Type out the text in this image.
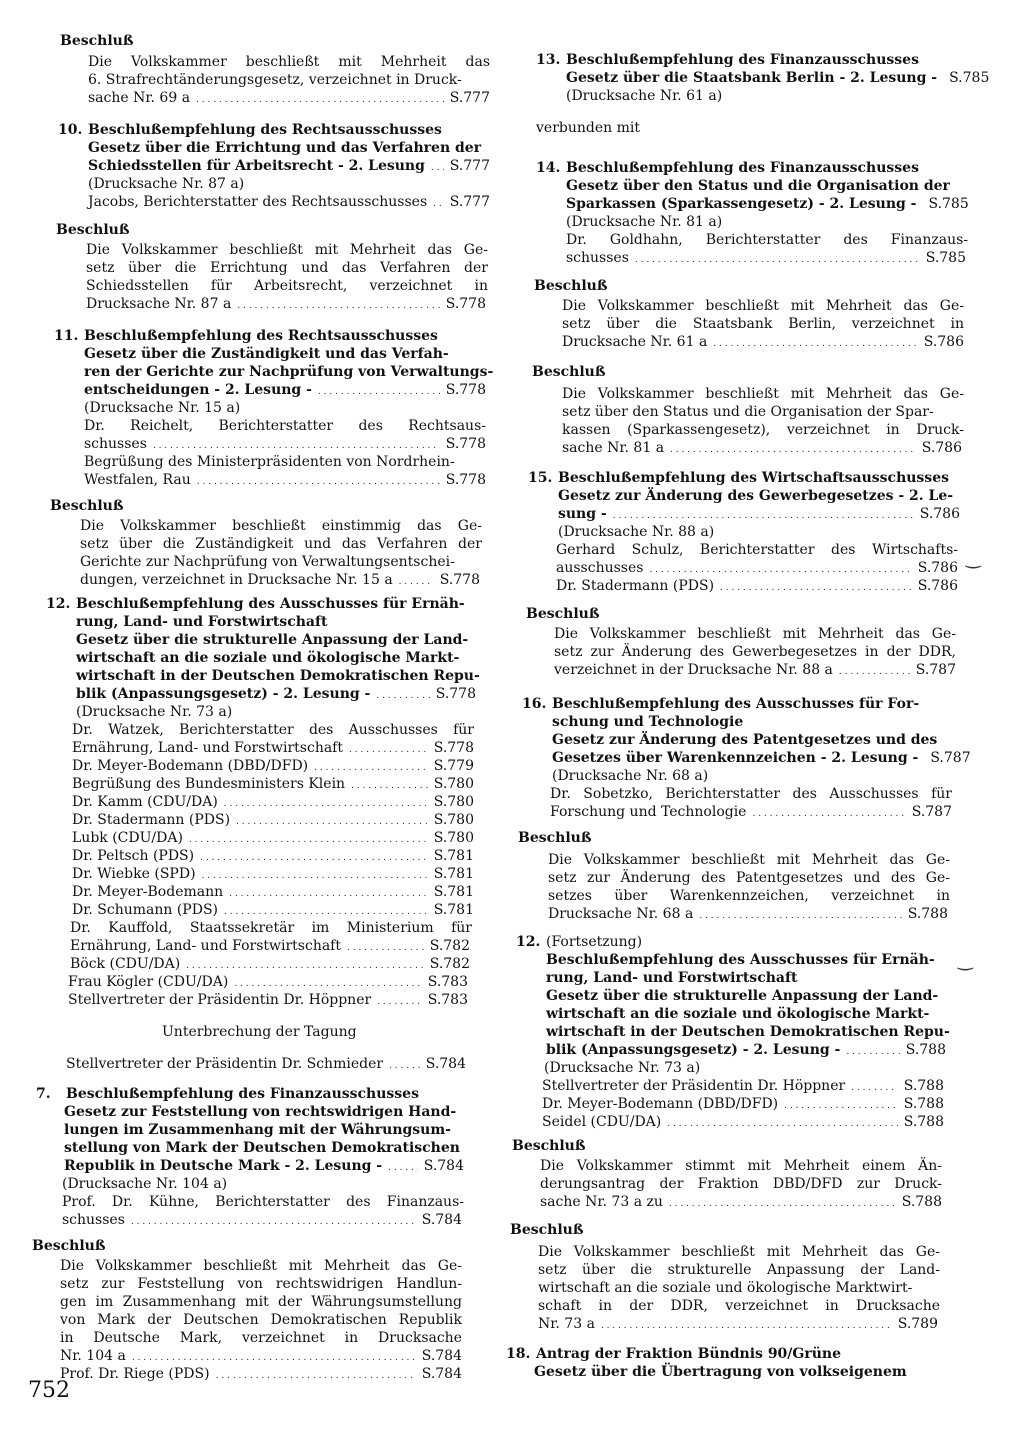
Beschluß
Die Volkskammer beschließt mit Mehrheit das
6. Strafrechtänderungsgesetz, verzeichnet in Druck-
sache Nr. 69 a . . .	S.777
10. Beschlußempfehlung des Rechtsausschusses
Gesetz über die Errichtung und das Verfahren der
Schiedsstellen für Arbeitsrecht - 2. Lesung . . . S.777
(Drucksache Nr. 87 a)
Jacobs, Berichterstatter des Rechtsausschusses . . . S.777
Beschluß
Die Volkskammer beschließt mit Mehrheit das Ge-
setz über die Errichtung und das Verfahren der
Schiedsstellen für Arbeitsrecht, verzeichnet in
Drucksache Nr. 87 a . . .	S.778
11. Beschlußempfehlung des Rechtsausschusses
Gesetz über die Zuständigkeit und das Verfah-
ren der Gerichte zur Nachprüfung von Verwaltungs-
entscheidungen - 2. Lesung - . . .	S.778
(Drucksache Nr. 15 a)
Dr. Reichelt, Berichterstatter des Rechtsaus-
schusses . . .	S.778
Begrüßung des Ministerpräsidenten von Nordrhein-
Westfalen, Rau . . .	S.778
Beschluß
Die Volkskammer beschließt einstimmig das Ge-
setz über die Zuständigkeit und das Verfahren der
Gerichte zur Nachprüfung von Verwaltungsentschei-
dungen, verzeichnet in Drucksache Nr. 15 a . . .	S.778
12. Beschlußempfehlung des Ausschusses für Ernäh-
rung, Land- und Forstwirtschaft
Gesetz über die strukturelle Anpassung der Land-
wirtschaft an die soziale und ökologische Markt-
wirtschaft in der Deutschen Demokratischen Repu-
blik (Anpassungsgesetz) - 2. Lesung - . . .	S.778
(Drucksache Nr. 73 a)
Dr. Watzek, Berichterstatter des Ausschusses für
Ernährung, Land- und Forstwirtschaft . . .	S.778
Dr. Meyer-Bodemann (DBD/DFD) . . .	S.779
Begrüßung des Bundesministers Klein . . .	S.780
Dr. Kamm (CDU/DA) . . .	S.780
Dr. Stadermann (PDS) . . .	S.780
Lubk (CDU/DA) . . .	S.780
Dr. Peltsch (PDS) . . .	S.781
Dr. Wiebke (SPD) . . .	S.781
Dr. Meyer-Bodemann . . .	S.781
Dr. Schumann (PDS) . . .	S.781
Dr. Kauffold, Staatssekretär im Ministerium für
Ernährung, Land- und Forstwirtschaft . . .	S.782
Böck (CDU/DA) . . .	S.782
Frau Kögler (CDU/DA) . . .	S.783
Stellvertreter der Präsidentin Dr. Höppner . . .	S.783
Unterbrechung der Tagung
Stellvertreter der Präsidentin Dr. Schmieder . . .	S.784
7. Beschlußempfehlung des Finanzausschusses
Gesetz zur Feststellung von rechtswidrigen Hand-
lungen im Zusammenhang mit der Währungsum-
stellung von Mark der Deutschen Demokratischen
Republik in Deutsche Mark - 2. Lesung - . . .	S.784
(Drucksache Nr. 104 a)
Prof. Dr. Kühne, Berichterstatter des Finanzaus-
schusses . . .	S.784
Beschluß
Die Volkskammer beschließt mit Mehrheit das Ge-
setz zur Feststellung von rechtswidrigen Handlun-
gen im Zusammenhang mit der Währungsumstellung
von Mark der Deutschen Demokratischen Republik
in Deutsche Mark, verzeichnet in Drucksache
Nr. 104 a . . .	S.784
Prof. Dr. Riege (PDS) . . .	S.784
13. Beschlußempfehlung des Finanzausschusses
Gesetz über die Staatsbank Berlin - 2. Lesung - S.785
(Drucksache Nr. 61 a)
verbunden mit
14. Beschlußempfehlung des Finanzausschusses
Gesetz über den Status und die Organisation der
Sparkassen (Sparkassengesetz) - 2. Lesung - S.785
(Drucksache Nr. 81 a)
Dr. Goldhahn, Berichterstatter des Finanzaus-
schusses . . .	S.785
Beschluß
Die Volkskammer beschließt mit Mehrheit das Ge-
setz über die Staatsbank Berlin, verzeichnet in
Drucksache Nr. 61 a . . .	S.786
Beschluß
Die Volkskammer beschließt mit Mehrheit das Ge-
setz über den Status und die Organisation der Spar-
kassen (Sparkassengesetz), verzeichnet in Druck-
sache Nr. 81 a . . .	S.786
15. Beschlußempfehlung des Wirtschaftsausschusses
Gesetz zur Änderung des Gewerbegesetzes - 2. Le-
sung - . . .	S.786
(Drucksache Nr. 88 a)
Gerhard Schulz, Berichterstatter des Wirtschafts-
ausschusses . . .	S.786
Dr. Stadermann (PDS) . . .	S.786
Beschluß
Die Volkskammer beschließt mit Mehrheit das Ge-
setz zur Änderung des Gewerbegesetzes in der DDR,
verzeichnet in der Drucksache Nr. 88 a . . .	S.787
16. Beschlußempfehlung des Ausschusses für For-
schung und Technologie
Gesetz zur Änderung des Patentgesetzes und des
Gesetzes über Warenkennzeichen - 2. Lesung - S.787
(Drucksache Nr. 68 a)
Dr. Sobetzko, Berichterstatter des Ausschusses für
Forschung und Technologie . . .	S.787
Beschluß
Die Volkskammer beschließt mit Mehrheit das Ge-
setz zur Änderung des Patentgesetzes und des Ge-
setzes über Warenkennzeichen, verzeichnet in
Drucksache Nr. 68 a . . .	S.788
12. (Fortsetzung)
Beschlußempfehlung des Ausschusses für Ernäh-
rung, Land- und Forstwirtschaft
Gesetz über die strukturelle Anpassung der Land-
wirtschaft an die soziale und ökologische Markt-
wirtschaft in der Deutschen Demokratischen Repu-
blik (Anpassungsgesetz) - 2. Lesung - . . .	S.788
(Drucksache Nr. 73 a)
Stellvertreter der Präsidentin Dr. Höppner . . .	S.788
Dr. Meyer-Bodemann (DBD/DFD) . . .	S.788
Seidel (CDU/DA) . . .	S.788
Beschluß
Die Volkskammer stimmt mit Mehrheit einem Än-
derungsantrag der Fraktion DBD/DFD zur Druck-
sache Nr. 73 a zu . . .	S.788
Beschluß
Die Volkskammer beschließt mit Mehrheit das Ge-
setz über die strukturelle Anpassung der Land-
wirtschaft an die soziale und ökologische Marktwirt-
schaft in der DDR, verzeichnet in Drucksache
Nr. 73 a . . .	S.789
18. Antrag der Fraktion Bündnis 90/Grüne
Gesetz über die Übertragung von volkseigenem
752
‿
‿
